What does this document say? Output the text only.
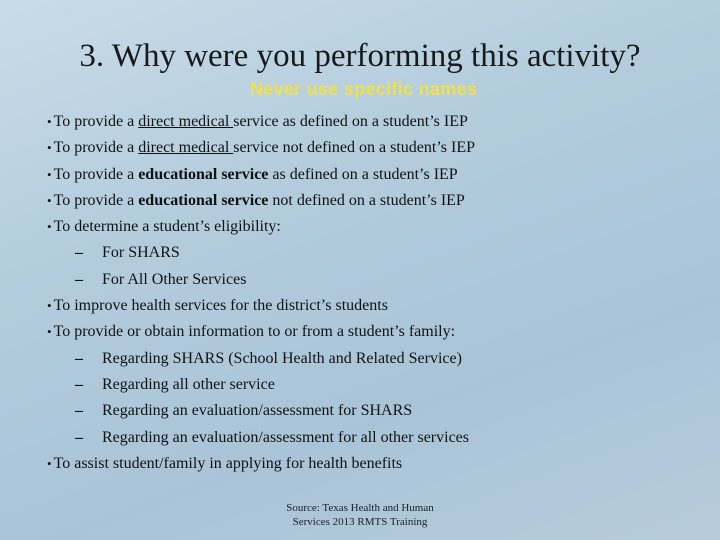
3. Why were you performing this activity?
Never use specific names
• To provide a direct medical service as defined on a student’s IEP
• To provide a direct medical service not defined on a student’s IEP
• To provide a educational service as defined on a student’s IEP
• To provide a educational service not defined on a student’s IEP
• To determine a student’s eligibility:
– For SHARS
– For All Other Services
• To improve health services for the district’s students
• To provide or obtain information to or from a student’s family:
– Regarding SHARS (School Health and Related Service)
– Regarding all other service
– Regarding an evaluation/assessment for SHARS
– Regarding an evaluation/assessment for all other services
• To assist student/family in applying for health benefits
Source: Texas Health and Human
Services 2013 RMTS Training
